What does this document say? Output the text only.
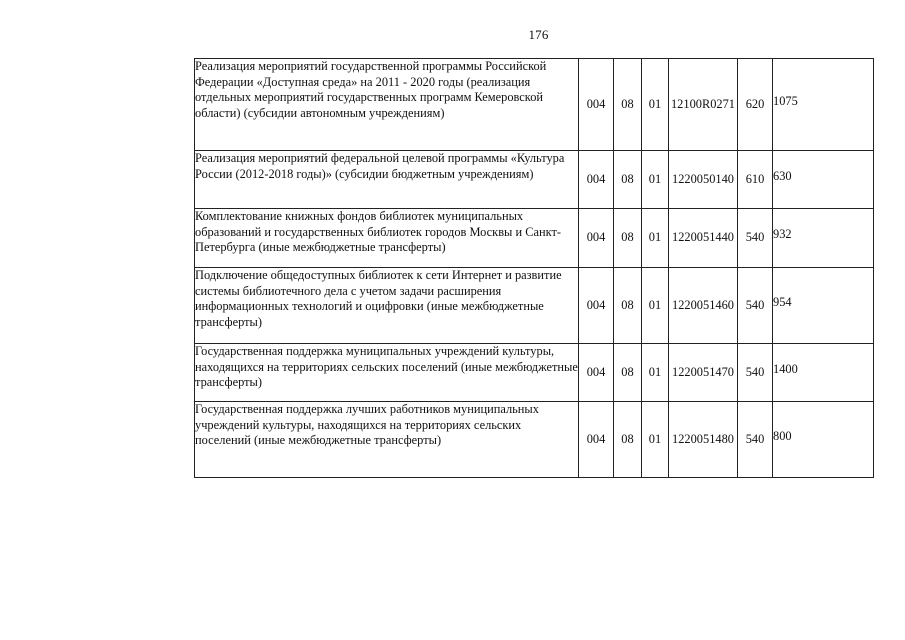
176
Реализация мероприятий государственной программы Российской Федерации «Доступная среда» на 2011 - 2020 годы (реализация отдельных мероприятий государственных программ Кемеровской области) (субсидии автономным учреждениям)	004	08	01	12100R0271	620	1075
Реализация мероприятий федеральной целевой программы «Культура России (2012-2018 годы)» (субсидии бюджетным учреждениям)	004	08	01	1220050140	610	630
Комплектование книжных фондов библиотек муниципальных образований и государственных библиотек городов Москвы и Санкт-Петербурга (иные межбюджетные трансферты)	004	08	01	1220051440	540	932
Подключение общедоступных библиотек к сети Интернет и развитие системы библиотечного дела с учетом задачи расширения информационных технологий и оцифровки (иные межбюджетные трансферты)	004	08	01	1220051460	540	954
Государственная поддержка муниципальных учреждений культуры, находящихся на территориях сельских поселений (иные межбюджетные трансферты)	004	08	01	1220051470	540	1400
Государственная поддержка лучших работников муниципальных учреждений культуры, находящихся на территориях сельских поселений (иные межбюджетные трансферты)	004	08	01	1220051480	540	800
